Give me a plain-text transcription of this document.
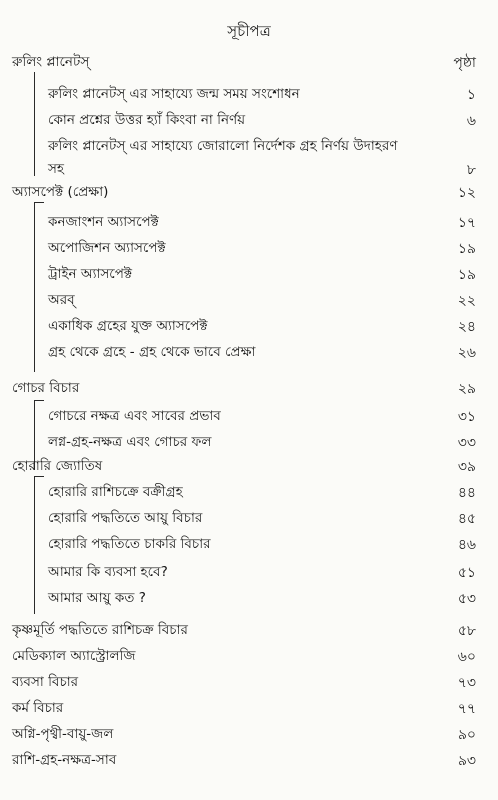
সূচীপত্র
রুলিং প্লানেটস্	পৃষ্ঠা
রুলিং প্লানেটস্ এর সাহায্যে জন্ম সময় সংশোধন	১
কোন প্রশ্নের উত্তর হ্যাঁ কিংবা না নির্ণয়	৬
রুলিং প্লানেটস্ এর সাহায্যে জোরালো নির্দেশক গ্রহ নির্ণয় উদাহরণ
সহ	৮
অ্যাসপেক্ট (প্রেক্ষা)	১২
কনজাংশন অ্যাসপেক্ট	১৭
অপোজিশন অ্যাসপেক্ট	১৯
ট্রাইন অ্যাসপেক্ট	১৯
অরব্	২২
একাধিক গ্রহের যুক্ত অ্যাসপেক্ট	২৪
গ্রহ থেকে গ্রহে - গ্রহ থেকে ভাবে প্রেক্ষা	২৬
গোচর বিচার	২৯
গোচরে নক্ষত্র এবং সাবের প্রভাব	৩১
লগ্ন-গ্রহ-নক্ষত্র এবং গোচর ফল	৩৩
হোরারি জ্যোতিষ	৩৯
হোরারি রাশিচক্রে বক্রীগ্রহ	৪৪
হোরারি পদ্ধতিতে আয়ু বিচার	৪৫
হোরারি পদ্ধতিতে চাকরি বিচার	৪৬
আমার কি ব্যবসা হবে?	৫১
আমার আয়ু কত ?	৫৩
কৃষ্ণমূর্তি পদ্ধতিতে রাশিচক্র বিচার	৫৮
মেডিক্যাল অ্যাস্ট্রোলজি	৬০
ব্যবসা বিচার	৭৩
কর্ম বিচার	৭৭
অগ্নি-পৃথ্বী-বায়ু-জল	৯০
রাশি-গ্রহ-নক্ষত্র-সাব	৯৩
